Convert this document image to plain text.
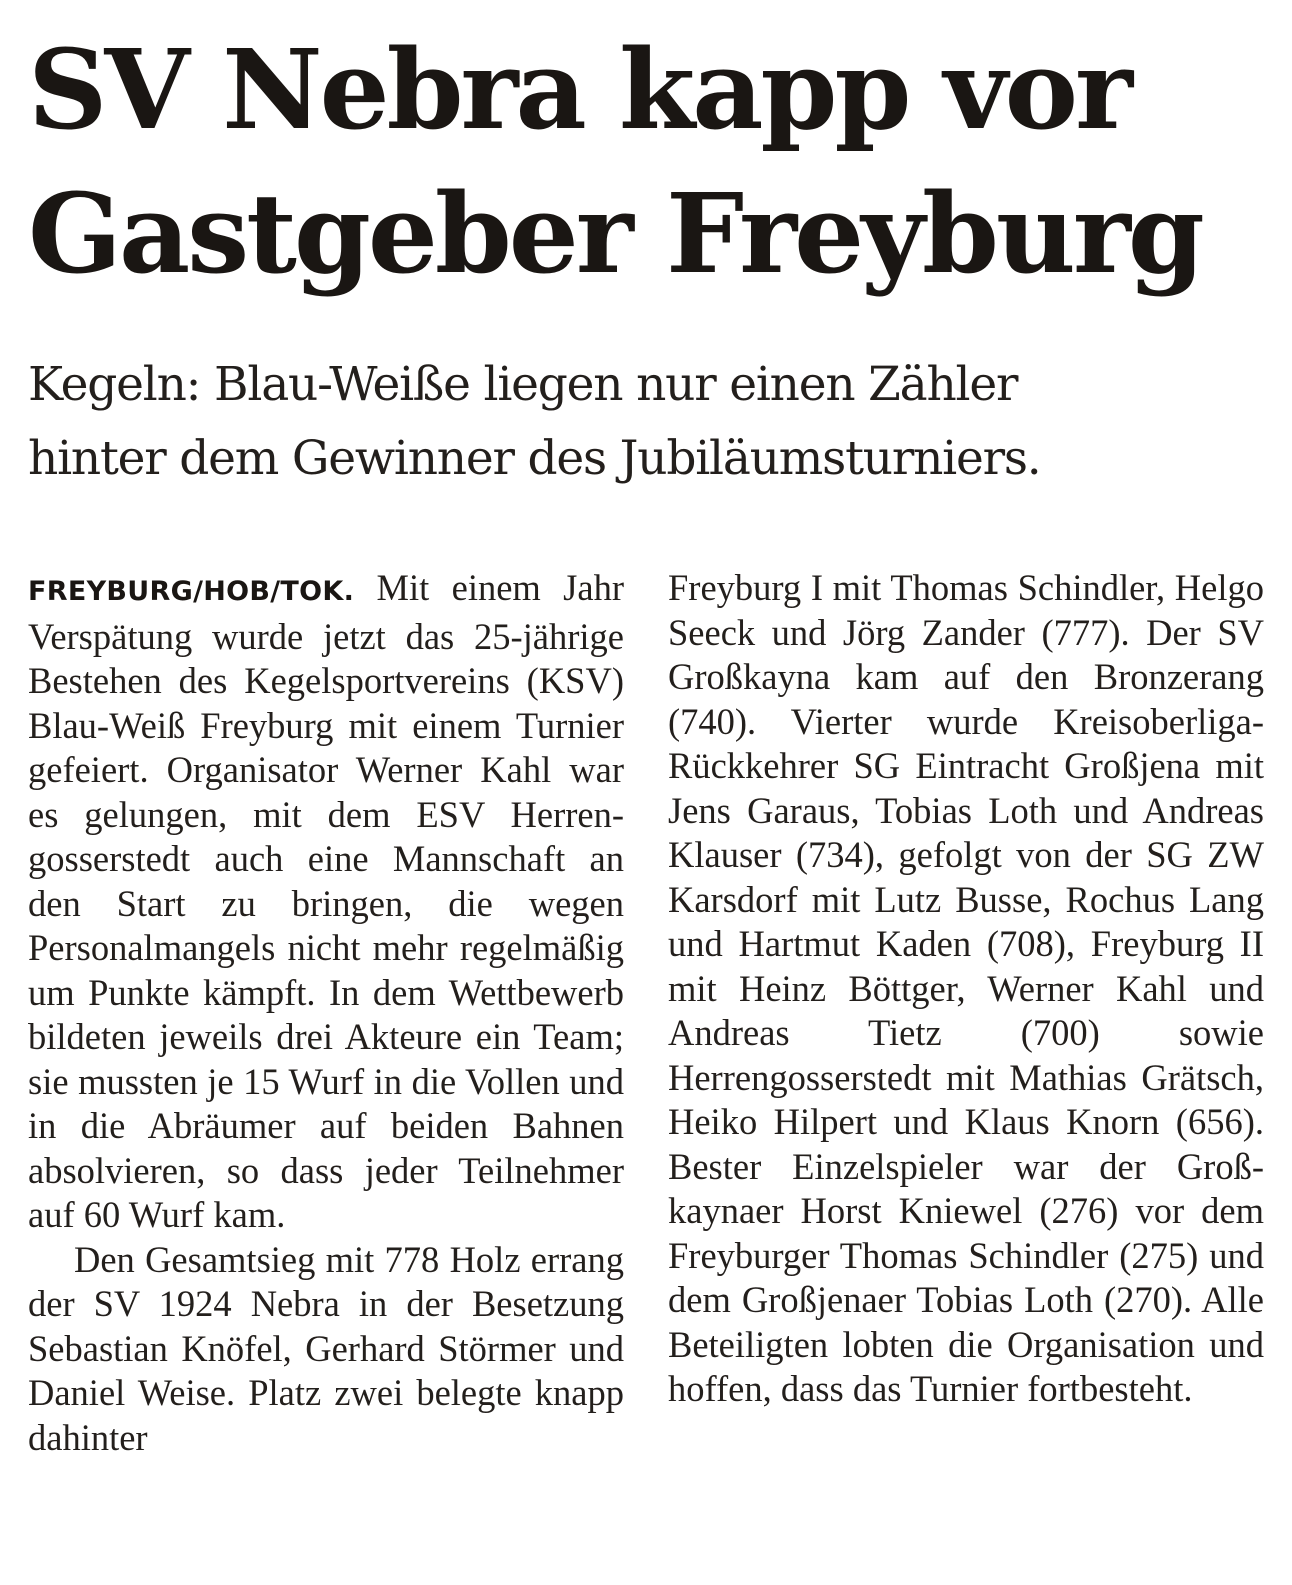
SV Nebra kapp vor
Gastgeber Freyburg
Kegeln: Blau-Weiße liegen nur einen Zähler
hinter dem Gewinner des Jubiläumsturniers.

FREYBURG/HOB/TOK. Mit einem Jahr Verspätung wurde jetzt das 25-jährige Bestehen des Kegelsportvereins (KSV) Blau-Weiß Freyburg mit einem Turnier gefeiert. Organisator Werner Kahl war es gelungen, mit dem ESV Herrengosserstedt auch eine Mannschaft an den Start zu bringen, die wegen Personalmangels nicht mehr regelmäßig um Punkte kämpft. In dem Wettbewerb bildeten jeweils drei Akteure ein Team; sie mussten je 15 Wurf in die Vollen und in die Abräumer auf beiden Bahnen absolvieren, so dass jeder Teilnehmer auf 60 Wurf kam.

Den Gesamtsieg mit 778 Holz errang der SV 1924 Nebra in der Besetzung Sebastian Knöfel, Gerhard Störmer und Daniel Weise. Platz zwei belegte knapp dahinter

Freyburg I mit Thomas Schindler, Helgo Seeck und Jörg Zander (777). Der SV Großkayna kam auf den Bronzerang (740). Vierter wurde Kreisoberliga-Rückkehrer SG Eintracht Großjena mit Jens Garaus, Tobias Loth und Andreas Klauser (734), gefolgt von der SG ZW Karsdorf mit Lutz Busse, Rochus Lang und Hartmut Kaden (708), Freyburg II mit Heinz Böttger, Werner Kahl und Andreas Tietz (700) sowie Herrengosserstedt mit Mathias Grätsch, Heiko Hilpert und Klaus Knorn (656). Bester Einzelspieler war der Großkaynaer Horst Kniewel (276) vor dem Freyburger Thomas Schindler (275) und dem Großjenaer Tobias Loth (270). Alle Beteiligten lobten die Organisation und hoffen, dass das Turnier fortbesteht.
